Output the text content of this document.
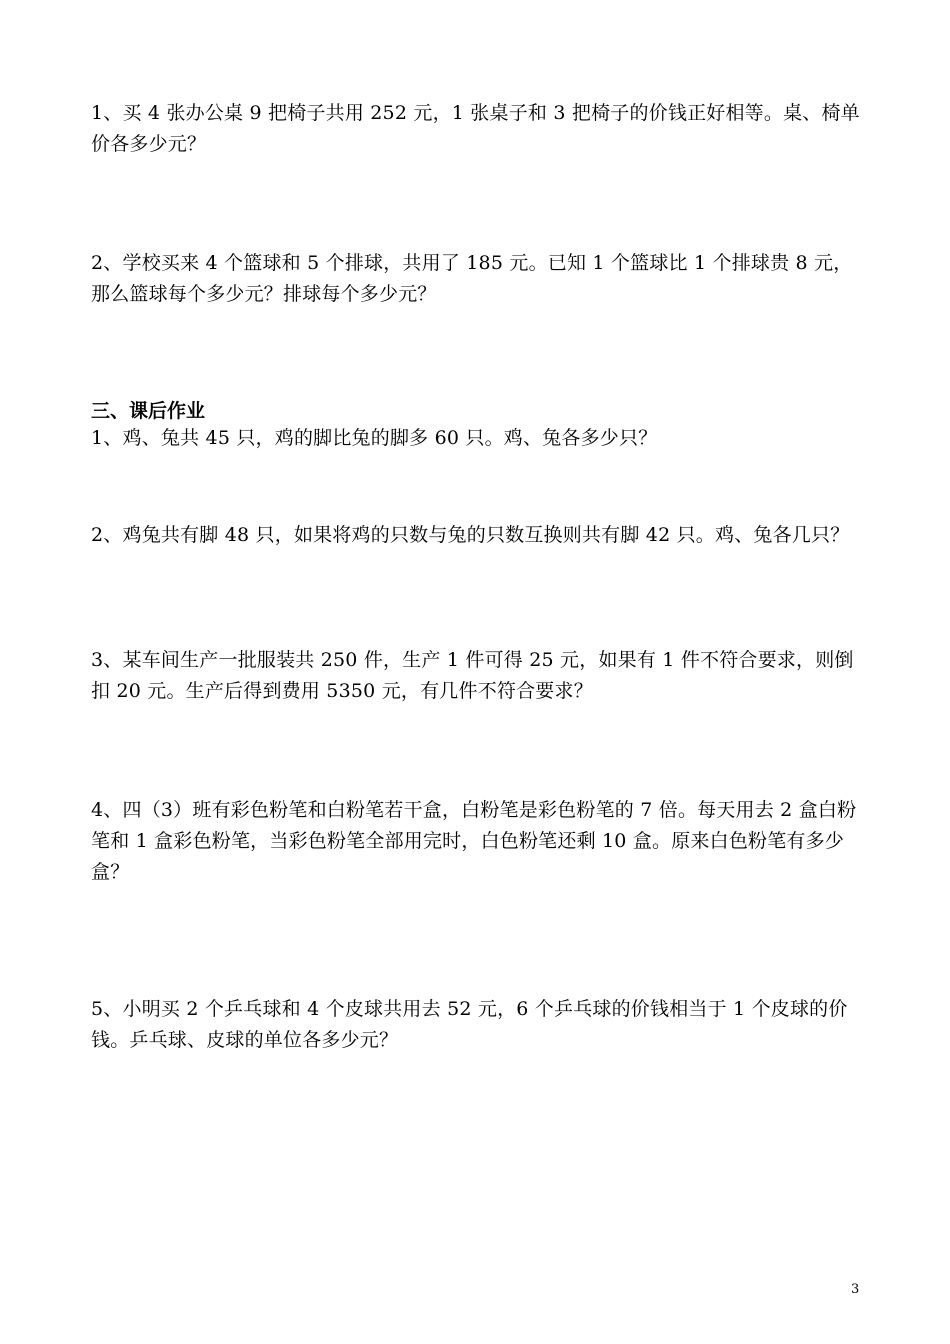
1、买 4 张办公桌 9 把椅子共用 252 元，1 张桌子和 3 把椅子的价钱正好相等。桌、椅单价各多少元？

2、学校买来 4 个篮球和 5 个排球，共用了 185 元。已知 1 个篮球比 1 个排球贵 8 元，那么篮球每个多少元？排球每个多少元？

三、课后作业

1、鸡、兔共 45 只，鸡的脚比兔的脚多 60 只。鸡、兔各多少只？

2、鸡兔共有脚 48 只，如果将鸡的只数与兔的只数互换则共有脚 42 只。鸡、兔各几只？

3、某车间生产一批服装共 250 件，生产 1 件可得 25 元，如果有 1 件不符合要求，则倒扣 20 元。生产后得到费用 5350 元，有几件不符合要求？

4、四（3）班有彩色粉笔和白粉笔若干盒，白粉笔是彩色粉笔的 7 倍。每天用去 2 盒白粉笔和 1 盒彩色粉笔，当彩色粉笔全部用完时，白色粉笔还剩 10 盒。原来白色粉笔有多少盒？

5、小明买 2 个乒乓球和 4 个皮球共用去 52 元，6 个乒乓球的价钱相当于 1 个皮球的价钱。乒乓球、皮球的单位各多少元？

3
